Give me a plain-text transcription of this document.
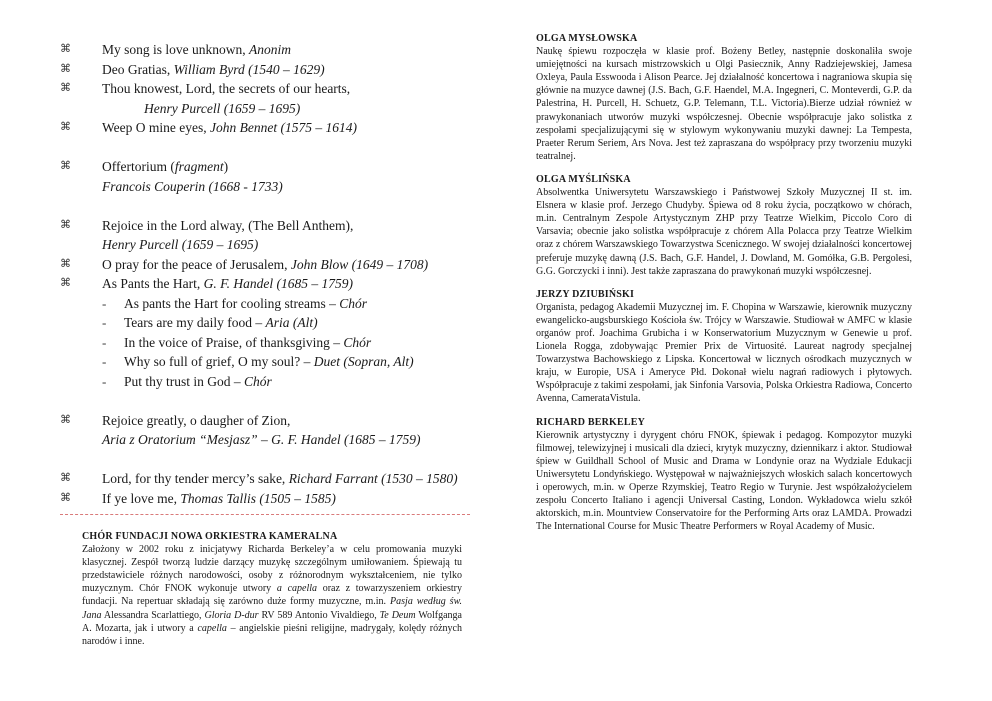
⌘ My song is love unknown, Anonim
⌘ Deo Gratias, William Byrd (1540 – 1629)
⌘ Thou knowest, Lord, the secrets of our hearts,
Henry Purcell (1659 – 1695)
⌘ Weep O mine eyes, John Bennet (1575 – 1614)
⌘ Offertorium (fragment)
Francois Couperin (1668 - 1733)
⌘ Rejoice in the Lord alway, (The Bell Anthem),
Henry Purcell (1659 – 1695)
⌘ O pray for the peace of Jerusalem, John Blow (1649 – 1708)
⌘ As Pants the Hart, G. F. Handel (1685 – 1759)
- As pants the Hart for cooling streams – Chór
- Tears are my daily food – Aria (Alt)
- In the voice of Praise, of thanksgiving – Chór
- Why so full of grief, O my soul? – Duet (Sopran, Alt)
- Put thy trust in God – Chór
⌘ Rejoice greatly, o daugher of Zion,
Aria z Oratorium “Mesjasz” – G. F. Handel (1685 – 1759)
⌘ Lord, for thy tender mercy’s sake, Richard Farrant (1530 – 1580)
⌘ If ye love me, Thomas Tallis (1505 – 1585)
CHÓR FUNDACJI NOWA ORKIESTRA KAMERALNA
Założony w 2002 roku z inicjatywy Richarda Berkeley’a w celu promowania muzyki klasycznej. Zespół tworzą ludzie darzący muzykę szczególnym umiłowaniem. Śpiewają tu przedstawiciele różnych narodowości, osoby z różnorodnym wykształceniem, nie tylko muzycznym. Chór FNOK wykonuje utwory a capella oraz z towarzyszeniem orkiestry fundacji. Na repertuar składają się zarówno duże formy muzyczne, m.in. Pasja według św. Jana Alessandra Scarlattiego, Gloria D-dur RV 589 Antonio Vivaldiego, Te Deum Wolfganga A. Mozarta, jak i utwory a capella – angielskie pieśni religijne, madrygały, kolędy różnych narodów i inne.
OLGA MYSŁOWSKA

Naukę śpiewu rozpoczęła w klasie prof. Bożeny Betley, następnie doskonaliła swoje umiejętności na kursach mistrzowskich u Olgi Pasiecznik, Anny Radziejewskiej, Jamesa Oxleya, Paula Esswooda i Alison Pearce. Jej działalność koncertowa i nagraniowa skupia się głównie na muzyce dawnej (J.S. Bach, G.F. Haendel, M.A. Ingegneri, C. Monteverdi, G.P. da Palestrina, H. Purcell, H. Schuetz, G.P. Telemann, T.L. Victoria).Bierze udział również w prawykonaniach utworów muzyki współczesnej. Obecnie współpracuje jako solistka z zespołami specjalizującymi się w stylowym wykonywaniu muzyki dawnej: La Tempesta, Praeter Rerum Seriem, Ars Nova. Jest też zapraszana do współpracy przy tworzeniu muzyki teatralnej.

OLGA MYŚLIŃSKA

Absolwentka Uniwersytetu Warszawskiego i Państwowej Szkoły Muzycznej II st. im. Elsnera w klasie prof. Jerzego Chudyby. Śpiewa od 8 roku życia, początkowo w chórach, m.in. Centralnym Zespole Artystycznym ZHP przy Teatrze Wielkim, Piccolo Coro di Varsavia; obecnie jako solistka współpracuje z chórem Alla Polacca przy Teatrze Wielkim oraz z chórem Warszawskiego Towarzystwa Scenicznego. W swojej działalności koncertowej preferuje muzykę dawną (J.S. Bach, G.F. Handel, J. Dowland, M. Gomółka, G.B. Pergolesi, G.G. Gorczycki i inni). Jest także zapraszana do prawykonań muzyki współczesnej.

JERZY DZIUBIŃSKI

Organista, pedagog Akademii Muzycznej im. F. Chopina w Warszawie, kierownik muzyczny ewangelicko-augsburskiego Kościoła św. Trójcy w Warszawie. Studiował w AMFC w klasie organów prof. Joachima Grubicha i w Konserwatorium Muzycznym w Genewie u prof. Lionela Rogga, zdobywając Premier Prix de Virtuosité. Laureat nagrody specjalnej Towarzystwa Bachowskiego z Lipska. Koncertował w licznych ośrodkach muzycznych w kraju, w Europie, USA i Ameryce Płd. Dokonał wielu nagrań radiowych i płytowych. Współpracuje z takimi zespołami, jak Sinfonia Varsovia, Polska Orkiestra Radiowa, Concerto Avenna, CamerataVistula.

RICHARD BERKELEY

Kierownik artystyczny i dyrygent chóru FNOK, śpiewak i pedagog. Kompozytor muzyki filmowej, telewizyjnej i musicali dla dzieci, krytyk muzyczny, dziennikarz i aktor. Studiował śpiew w Guildhall School of Music and Drama w Londynie oraz na Wydziale Edukacji Uniwersytetu Londyńskiego. Występował w najważniejszych włoskich salach koncertowych i operowych, m.in. w Operze Rzymskiej, Teatro Regio w Turynie. Jest współzałożycielem zespołu Concerto Italiano i agencji Universal Casting, London. Wykładowca wielu szkół aktorskich, m.in. Mountview Conservatoire for the Performing Arts oraz LAMDA. Prowadzi The International Course for Music Theatre Performers w Royal Academy of Music.
